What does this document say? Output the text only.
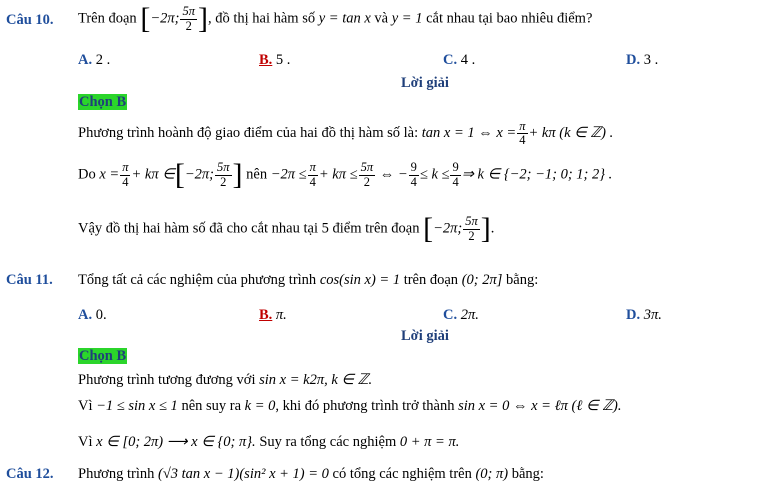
Câu 10. Trên đoạn [−2π; $\frac{5\pi}{2}$ ], đồ thị hai hàm số y = tan x và y = 1 cắt nhau tại bao nhiêu điểm?
A. 2 .	B. 5 .	C. 4 .	D. 3 .
Lời giải
Chọn B
Phương trình hoành độ giao điểm của hai đồ thị hàm số là: tan x = 1 ⇔ $x = \frac{\pi}{4} + k\pi$ (k ∈ ℤ) .
Do $x = \frac{\pi}{4} + k\pi$ ∈[−2π; $\frac{5\pi}{2}$ ] nên $-2\pi \le \frac{\pi}{4} + k\pi \le \frac{5\pi}{2}$ ⇔ − $\frac{9}{4} \le k \le \frac{9}{4}$ ⇒ k ∈ {−2; −1; 0; 1; 2} .
Vậy đồ thị hai hàm số đã cho cắt nhau tại 5 điểm trên đoạn [−2π; $\frac{5\pi}{2}$ ].
Câu 11. Tổng tất cả các nghiệm của phương trình cos(sin x) = 1 trên đoạn (0; 2π] bằng:
A. 0.	B. π.	C. 2π.	D. 3π.
Lời giải
Chọn B
Phương trình tương đương với sin x = k2π, k ∈ ℤ.
Vì −1 ≤ sin x ≤ 1 nên suy ra k = 0, khi đó phương trình trở thành sin x = 0 ⇔ x = ℓπ (ℓ ∈ ℤ).
Vì x ∈ [0; 2π) ⟶ x ∈ {0; π}. Suy ra tổng các nghiệm 0 + π = π.
Câu 12. Phương trình (√3 tan x − 1)(sin² x + 1) = 0 có tổng các nghiệm trên (0; π) bằng:
